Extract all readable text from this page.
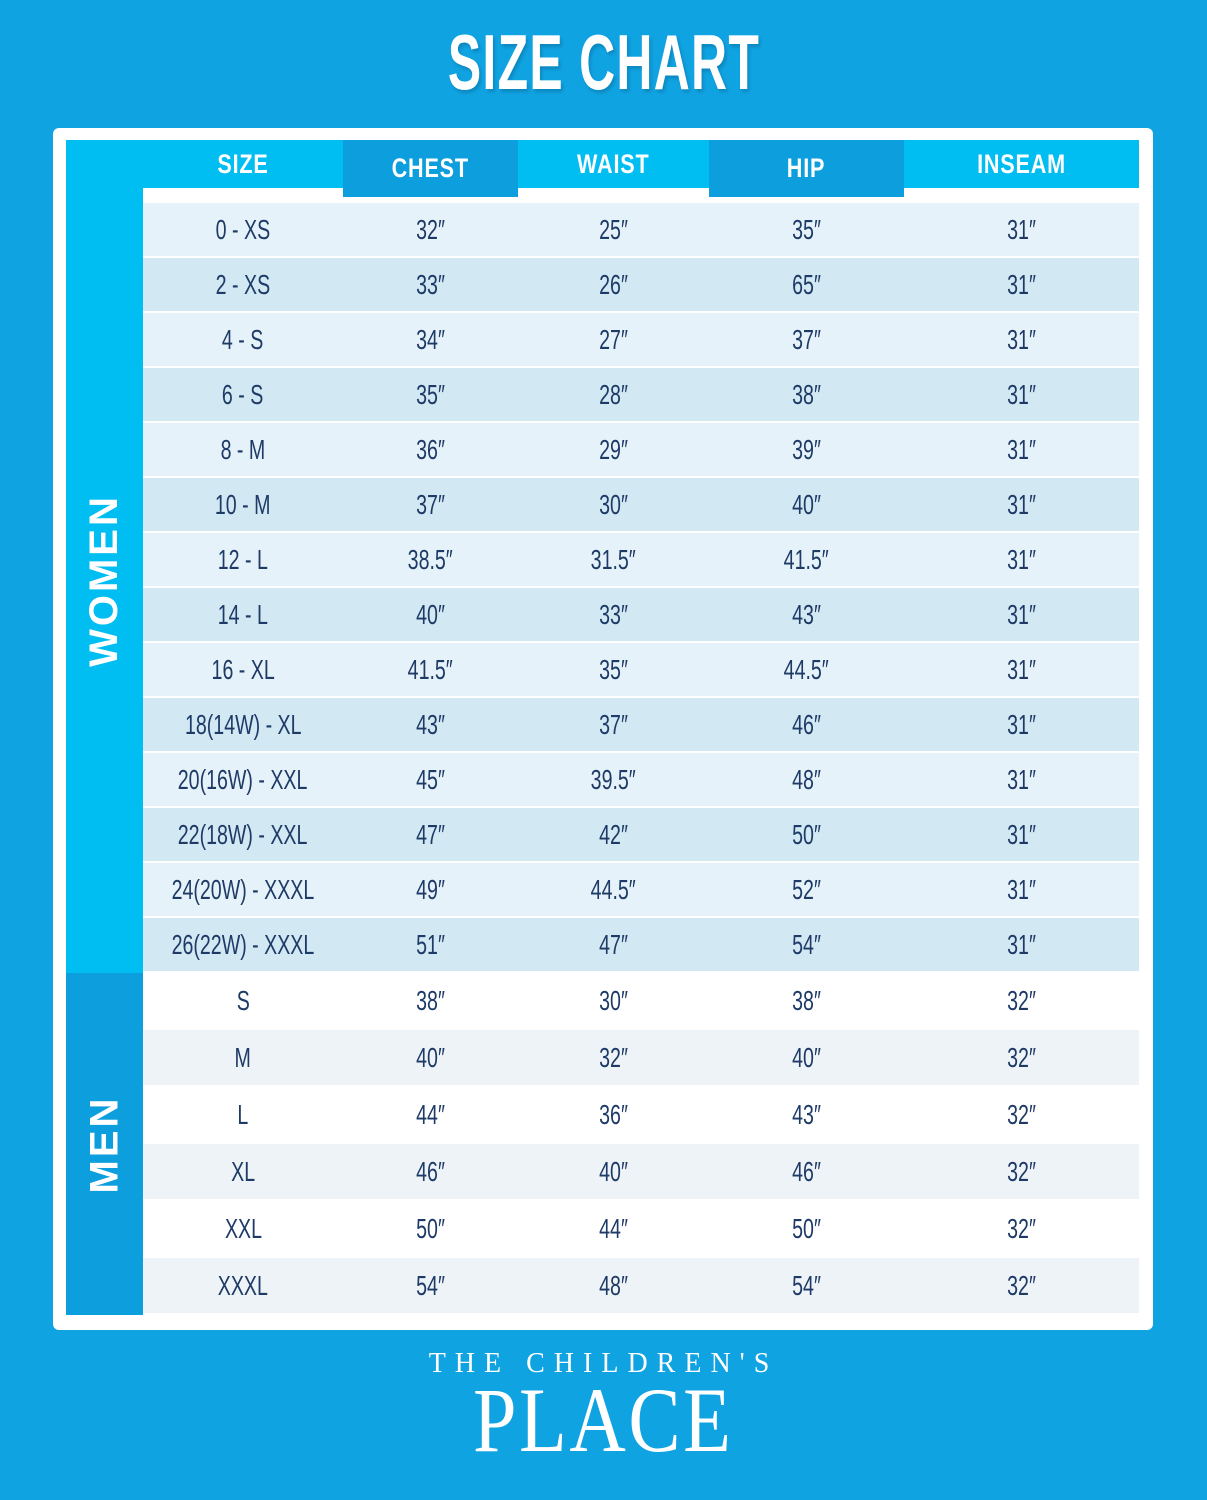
SIZE CHART
SIZE	CHEST	WAIST	HIP	INSEAM
WOMEN
MEN
0 - XS	32″	25″	35″	31″
2 - XS	33″	26″	65″	31″
4 - S	34″	27″	37″	31″
6 - S	35″	28″	38″	31″
8 - M	36″	29″	39″	31″
10 - M	37″	30″	40″	31″
12 - L	38.5″	31.5″	41.5″	31″
14 - L	40″	33″	43″	31″
16 - XL	41.5″	35″	44.5″	31″
18(14W) - XL	43″	37″	46″	31″
20(16W) - XXL	45″	39.5″	48″	31″
22(18W) - XXL	47″	42″	50″	31″
24(20W) - XXXL	49″	44.5″	52″	31″
26(22W) - XXXL	51″	47″	54″	31″
S	38″	30″	38″	32″
M	40″	32″	40″	32″
L	44″	36″	43″	32″
XL	46″	40″	46″	32″
XXL	50″	44″	50″	32″
XXXL	54″	48″	54″	32″
THE CHILDREN'S
PLACE
